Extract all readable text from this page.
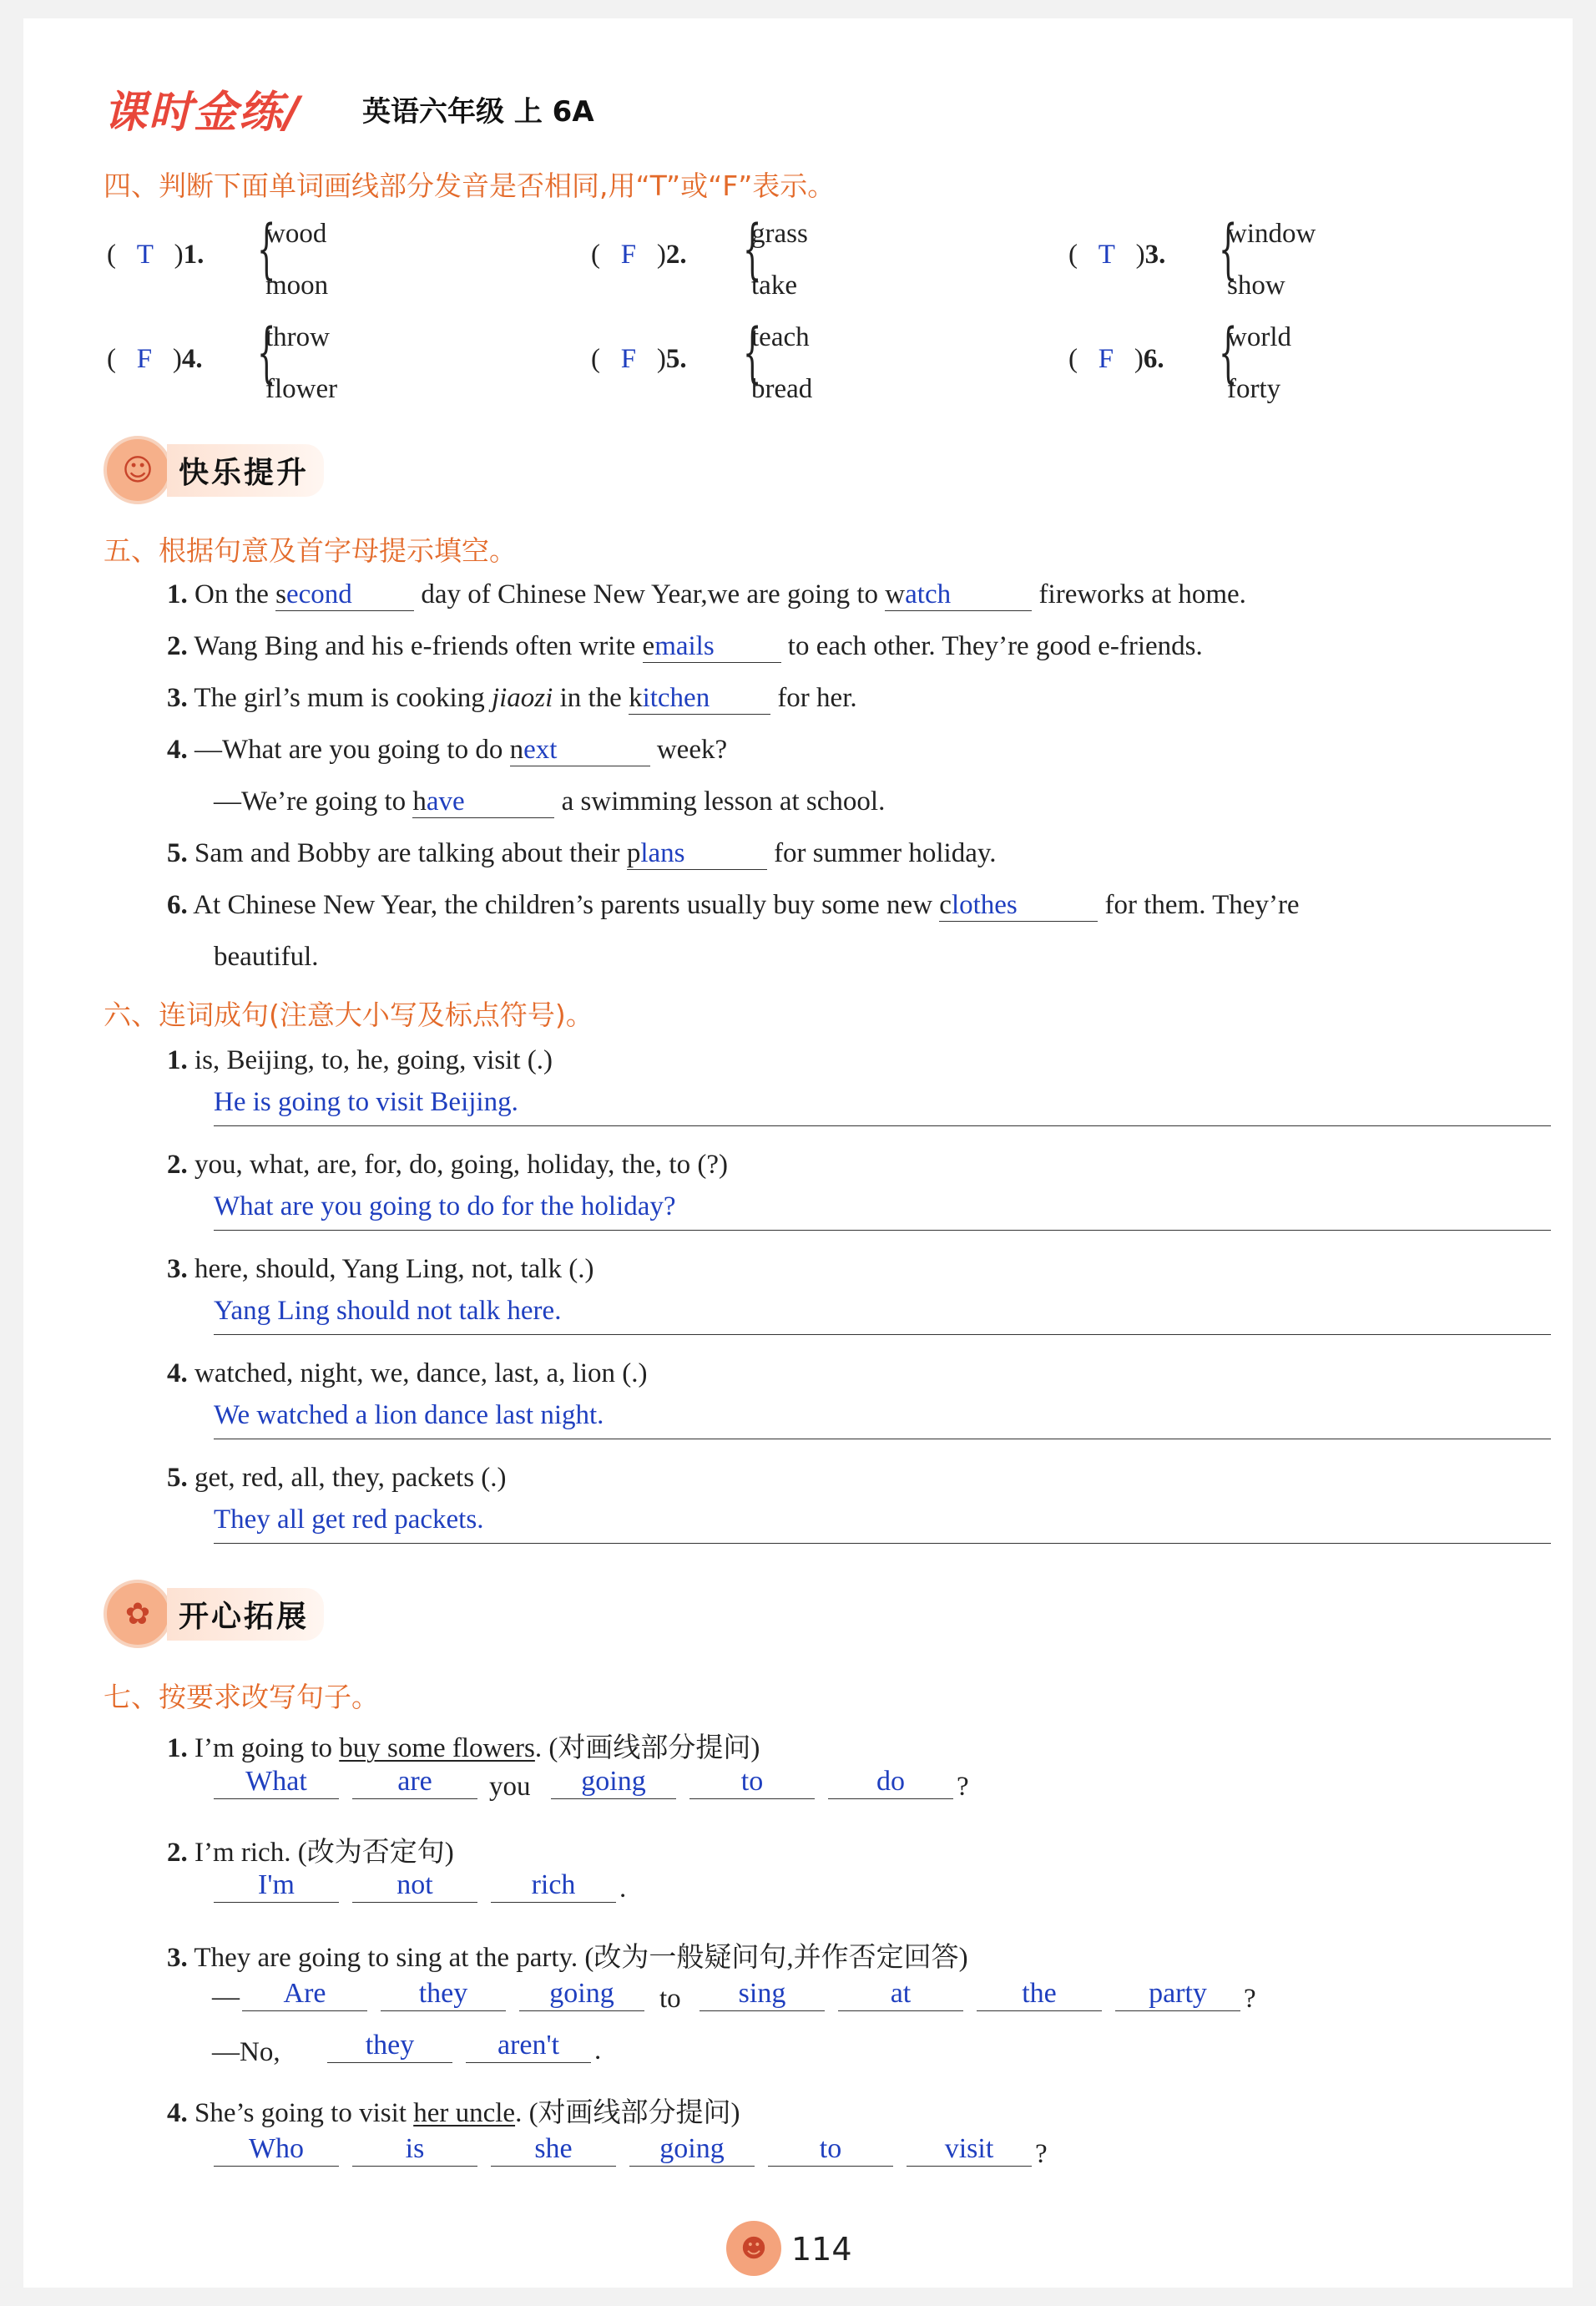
课时金练/ 英语六年级 上 6A
四、判断下面单词画线部分发音是否相同,用“T”或“F”表示。
(   T   )1. {
wood
moon
(   F   )2. {
grass
take
(   T   )3. {
window
show
(   F   )4. {
throw
flower
(   F   )5. {
teach
bread
(   F   )6. {
world
forty
☺ 快乐提升
五、根据句意及首字母提示填空。
1. On the second day of Chinese New Year,we are going to watch	fireworks at home.
2. Wang Bing and his e-friends often write emails to each other. They’re good e-friends.
3. The girl’s mum is cooking jiaozi in the kitchen for her.
4. —What are you going to do next	week?
—We’re going to have	a swimming lesson at school.
5. Sam and Bobby are talking about their plans	for summer holiday.
6. At Chinese New Year, the children’s parents usually buy some new clothes	for them. They’re
beautiful.
六、连词成句(注意大小写及标点符号)。
1. is, Beijing, to, he, going, visit (.)
He is going to visit Beijing.
2. you, what, are, for, do, going, holiday, the, to (?)
What are you going to do for the holiday?
3. here, should, Yang Ling, not, talk (.)
Yang Ling should not talk here.
4. watched, night, we, dance, last, a, lion (.)
We watched a lion dance last night.
5. get, red, all, they, packets (.)
They all get red packets.
✿ 开心拓展
七、按要求改写句子。
1. I’m going to buy some flowers. (对画线部分提问)
What	are	you	going	to	do	?
2. I’m rich. (改为否定句)
I'm	not	rich	.
3. They are going to sing at the party. (改为一般疑问句,并作否定回答)
—	Are	they	going	to	sing	at	the	party	?
—No,	they	aren't	.
4. She’s going to visit her uncle. (对画线部分提问)
Who	is	she	going	to	visit	?
☻ 114
